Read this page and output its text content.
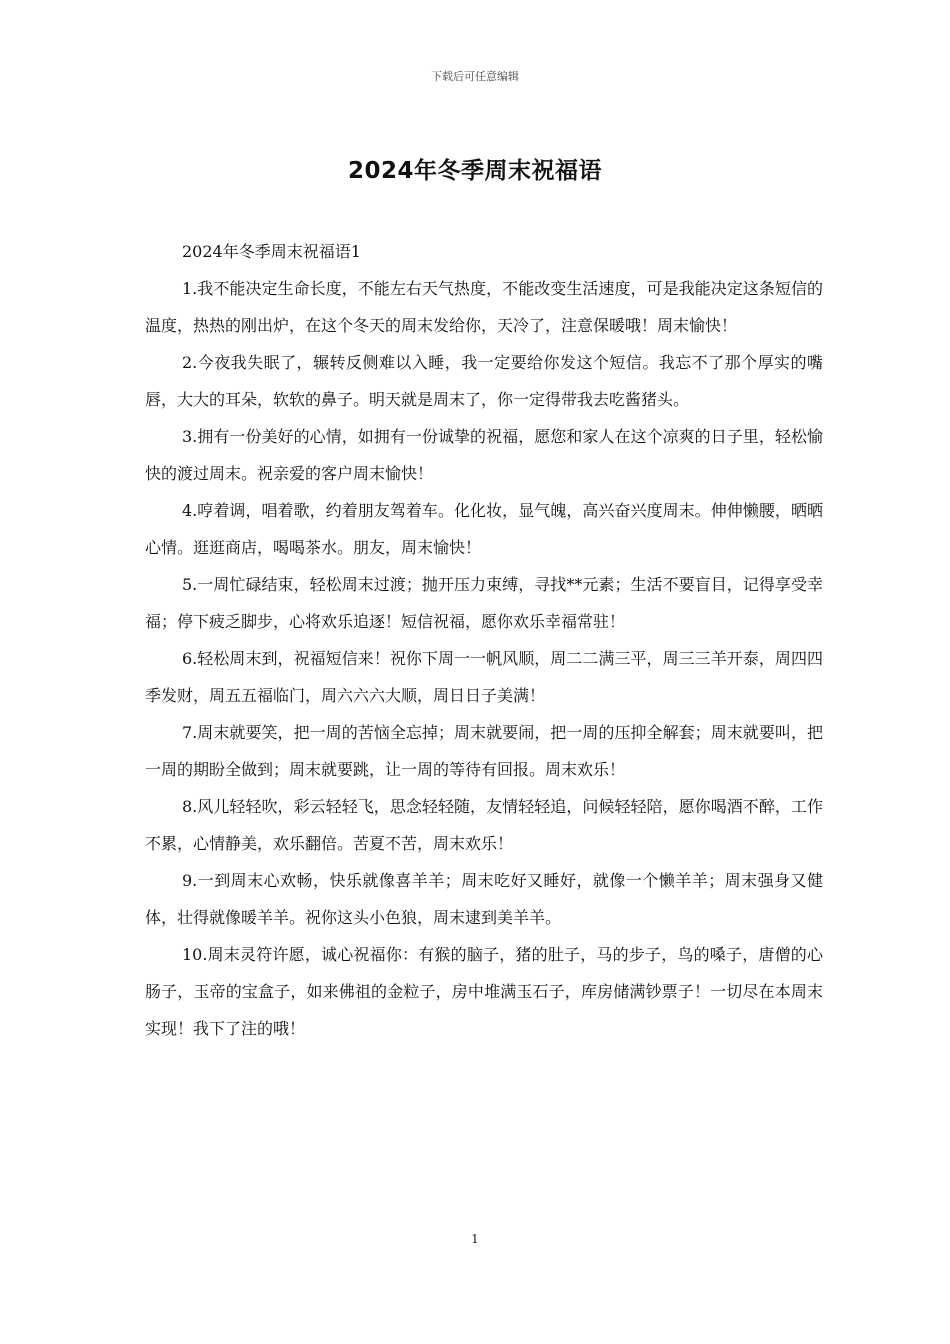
下载后可任意编辑
2024年冬季周末祝福语

2024年冬季周末祝福语1

1.我不能决定生命长度，不能左右天气热度，不能改变生活速度，可是我能决定这条短信的温度，热热的刚出炉，在这个冬天的周末发给你，天冷了，注意保暖哦！周末愉快！

2.今夜我失眠了，辗转反侧难以入睡，我一定要给你发这个短信。我忘不了那个厚实的嘴唇，大大的耳朵，软软的鼻子。明天就是周末了，你一定得带我去吃酱猪头。

3.拥有一份美好的心情，如拥有一份诚挚的祝福，愿您和家人在这个凉爽的日子里，轻松愉快的渡过周末。祝亲爱的客户周末愉快！

4.哼着调，唱着歌，约着朋友驾着车。化化妆，显气魄，高兴奋兴度周末。伸伸懒腰，晒晒心情。逛逛商店，喝喝茶水。朋友，周末愉快！

5.一周忙碌结束，轻松周末过渡；抛开压力束缚，寻找**元素；生活不要盲目，记得享受幸福；停下疲乏脚步，心将欢乐追逐！短信祝福，愿你欢乐幸福常驻！

6.轻松周末到，祝福短信来！祝你下周一一帆风顺，周二二满三平，周三三羊开泰，周四四季发财，周五五福临门，周六六六大顺，周日日子美满！

7.周末就要笑，把一周的苦恼全忘掉；周末就要闹，把一周的压抑全解套；周末就要叫，把一周的期盼全做到；周末就要跳，让一周的等待有回报。周末欢乐！

8.风儿轻轻吹，彩云轻轻飞，思念轻轻随，友情轻轻追，问候轻轻陪，愿你喝酒不醉，工作不累，心情静美，欢乐翻倍。苦夏不苦，周末欢乐！

9.一到周末心欢畅，快乐就像喜羊羊；周末吃好又睡好，就像一个懒羊羊；周末强身又健体，壮得就像暖羊羊。祝你这头小色狼，周末逮到美羊羊。

10.周末灵符许愿，诚心祝福你：有猴的脑子，猪的肚子，马的步子，鸟的嗓子，唐僧的心肠子，玉帝的宝盒子，如来佛祖的金粒子，房中堆满玉石子，库房储满钞票子！一切尽在本周末实现！我下了注的哦！

1
